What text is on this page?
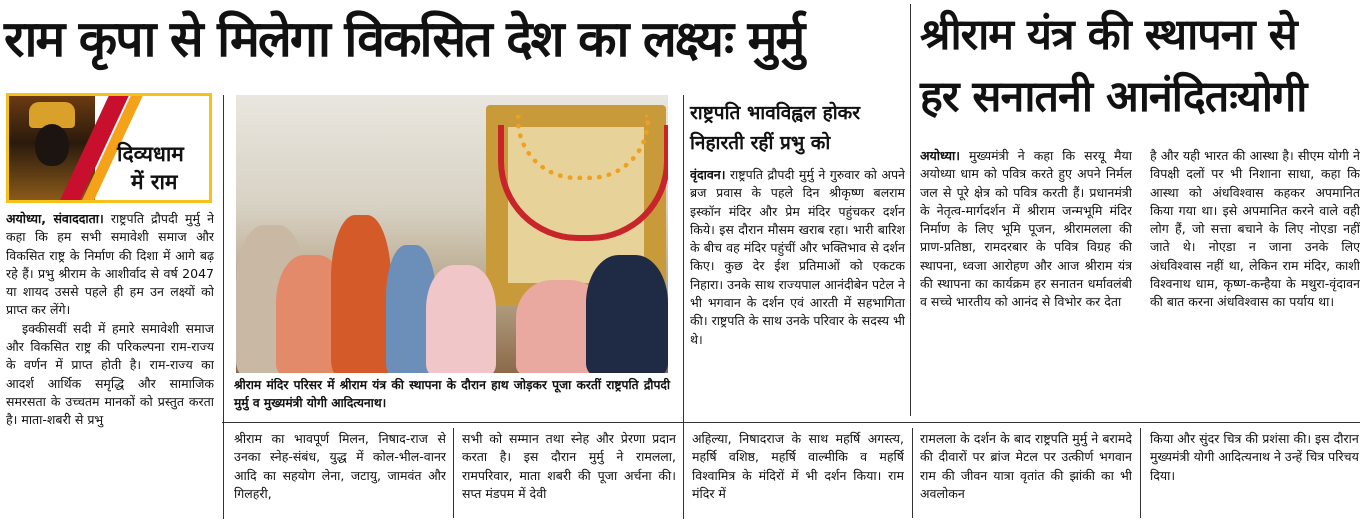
राम कृपा से मिलेगा विकसित देश का लक्ष्यः मुर्मु	श्रीराम यंत्र की स्थापना से
हर सनातनी आनंदितःयोगी
दिव्यधाम
में राम
अयोध्या, संवाददाता। राष्ट्रपति द्रौपदी मुर्मु ने कहा कि हम सभी समावेशी समाज और विकसित राष्ट्र के निर्माण की दिशा में आगे बढ़ रहे हैं। प्रभु श्रीराम के आशीर्वाद से वर्ष 2047 या शायद उससे पहले ही हम उन लक्ष्यों को प्राप्त कर लेंगे।
इक्कीसवीं सदी में हमारे समावेशी समाज और विकसित राष्ट्र की परिकल्पना राम-राज्य के वर्णन में प्राप्त होती है। राम-राज्य का आदर्श आर्थिक समृद्धि और सामाजिक समरसता के उच्चतम मानकों को प्रस्तुत करता है। माता-शबरी से प्रभु
श्रीराम मंदिर परिसर में श्रीराम यंत्र की स्थापना के दौरान हाथ जोड़कर पूजा करतीं राष्ट्रपति द्रौपदी मुर्मु व मुख्यमंत्री योगी आदित्यनाथ।
राष्ट्रपति भावविह्वल होकर निहारती रहीं प्रभु को
वृंदावन। राष्ट्रपति द्रौपदी मुर्मु ने गुरुवार को अपने ब्रज प्रवास के पहले दिन श्रीकृष्ण बलराम इस्कॉन मंदिर और प्रेम मंदिर पहुंचकर दर्शन किये। इस दौरान मौसम खराब रहा। भारी बारिश के बीच वह मंदिर पहुंचीं और भक्तिभाव से दर्शन किए। कुछ देर ईश प्रतिमाओं को एकटक निहारा। उनके साथ राज्यपाल आनंदीबेन पटेल ने भी भगवान के दर्शन एवं आरती में सहभागिता की। राष्ट्रपति के साथ उनके परिवार के सदस्य भी थे।
अयोध्या। मुख्यमंत्री ने कहा कि सरयू मैया अयोध्या धाम को पवित्र करते हुए अपने निर्मल जल से पूरे क्षेत्र को पवित्र करती हैं। प्रधानमंत्री के नेतृत्व-मार्गदर्शन में श्रीराम जन्मभूमि मंदिर निर्माण के लिए भूमि पूजन, श्रीरामलला की प्राण-प्रतिष्ठा, रामदरबार के पवित्र विग्रह की स्थापना, ध्वजा आरोहण और आज श्रीराम यंत्र की स्थापना का कार्यक्रम हर सनातन धर्मावलंबी व सच्चे भारतीय को आनंद से विभोर कर देता
है और यही भारत की आस्था है। सीएम योगी ने विपक्षी दलों पर भी निशाना साधा, कहा कि आस्था को अंधविश्वास कहकर अपमानित किया गया था। इसे अपमानित करने वाले वही लोग हैं, जो सत्ता बचाने के लिए नोएडा नहीं जाते थे। नोएडा न जाना उनके लिए अंधविश्वास नहीं था, लेकिन राम मंदिर, काशी विश्वनाथ धाम, कृष्ण-कन्हैया के मथुरा-वृंदावन की बात करना अंधविश्वास का पर्याय था।
श्रीराम का भावपूर्ण मिलन, निषाद-राज से उनका स्नेह-संबंध, युद्ध में कोल-भील-वानर आदि का सहयोग लेना, जटायु, जामवंत और गिलहरी,
सभी को सम्मान तथा स्नेह और प्रेरणा प्रदान करता है। इस दौरान मुर्मु ने रामलला, रामपरिवार, माता शबरी की पूजा अर्चना की। सप्त मंडपम में देवी
अहिल्या, निषादराज के साथ महर्षि अगस्त्य, महर्षि वशिष्ठ, महर्षि वाल्मीकि व महर्षि विश्वामित्र के मंदिरों में भी दर्शन किया। राम मंदिर में
रामलला के दर्शन के बाद राष्ट्रपति मुर्मु ने बरामदे की दीवारों पर ब्रांज मेटल पर उत्कीर्ण भगवान राम की जीवन यात्रा वृतांत की झांकी का भी अवलोकन
किया और सुंदर चित्र की प्रशंसा की। इस दौरान मुख्यमंत्री योगी आदित्यनाथ ने उन्हें चित्र परिचय दिया।
